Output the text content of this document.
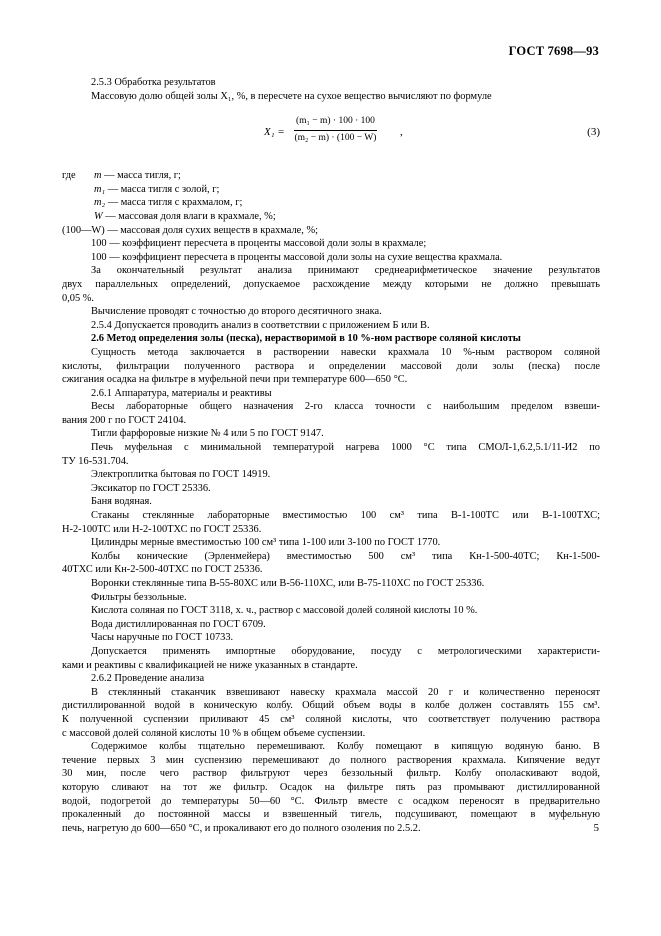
ГОСТ 7698—93
2.5.3 Обработка результатов
Массовую долю общей золы X₁, %, в пересчете на сухое вещество вычисляют по формуле
$X_1 = \frac{\text{(m₁ − m) · 100 · 100}}{\text{(m₂ − m) · (100 − W)}}$ ,	(3)
где m — масса тигля, г;
m₁ — масса тигля с золой, г;
m₂ — масса тигля с крахмалом, г;
W — массовая доля влаги в крахмале, %;
(100—W) — массовая доля сухих веществ в крахмале, %;
100 — коэффициент пересчета в проценты массовой доли золы в крахмале;
100 — коэффициент пересчета в проценты массовой доли золы на сухие вещества крахмала.
За окончательный результат анализа принимают среднеарифметическое значение результатов
двух параллельных определений, допускаемое расхождение между которыми не должно превышать
0,05 %.
Вычисление проводят с точностью до второго десятичного знака.
2.5.4 Допускается проводить анализ в соответствии с приложением Б или В.
2.6 Метод определения золы (песка), нерастворимой в 10 %-ном растворе соляной кислоты
Сущность метода заключается в растворении навески крахмала 10 %-ным раствором соляной
кислоты, фильтрации полученного раствора и определении массовой доли золы (песка) после
сжигания осадка на фильтре в муфельной печи при температуре 600—650 °С.
2.6.1 Аппаратура, материалы и реактивы
Весы лабораторные общего назначения 2-го класса точности с наибольшим пределом взвеши-
вания 200 г по ГОСТ 24104.
Тигли фарфоровые низкие № 4 или 5 по ГОСТ 9147.
Печь муфельная с минимальной температурой нагрева 1000 °С типа СМОЛ-1,6.2,5.1/11-И2 по
ТУ 16-531.704.
Электроплитка бытовая по ГОСТ 14919.
Эксикатор по ГОСТ 25336.
Баня водяная.
Стаканы стеклянные лабораторные вместимостью 100 см³ типа В-1-100ТС или В-1-100ТХС;
Н-2-100ТС или Н-2-100ТХС по ГОСТ 25336.
Цилиндры мерные вместимостью 100 см³ типа 1-100 или 3-100 по ГОСТ 1770.
Колбы конические (Эрленмейера) вместимостью 500 см³ типа Кн-1-500-40ТС; Кн-1-500-
40ТХС или Кн-2-500-40ТХС по ГОСТ 25336.
Воронки стеклянные типа В-55-80ХС или В-56-110ХС, или В-75-110ХС по ГОСТ 25336.
Фильтры беззольные.
Кислота соляная по ГОСТ 3118, х. ч., раствор с массовой долей соляной кислоты 10 %.
Вода дистиллированная по ГОСТ 6709.
Часы наручные по ГОСТ 10733.
Допускается применять импортные оборудование, посуду с метрологическими характеристи-
ками и реактивы с квалификацией не ниже указанных в стандарте.
2.6.2 Проведение анализа
В стеклянный стаканчик взвешивают навеску крахмала массой 20 г и количественно переносят
дистиллированной водой в коническую колбу. Общий объем воды в колбе должен составлять 155 см³.
К полученной суспензии приливают 45 см³ соляной кислоты, что соответствует получению раствора
с массовой долей соляной кислоты 10 % в общем объеме суспензии.
Содержимое колбы тщательно перемешивают. Колбу помещают в кипящую водяную баню. В
течение первых 3 мин суспензию перемешивают до полного растворения крахмала. Кипячение ведут
30 мин, после чего раствор фильтруют через беззольный фильтр. Колбу ополаскивают водой,
которую сливают на тот же фильтр. Осадок на фильтре пять раз промывают дистиллированной
водой, подогретой до температуры 50—60 °С. Фильтр вместе с осадком переносят в предварительно
прокаленный до постоянной массы и взвешенный тигель, подсушивают, помещают в муфельную
печь, нагретую до 600—650 °С, и прокаливают его до полного озоления по 2.5.2.	5
